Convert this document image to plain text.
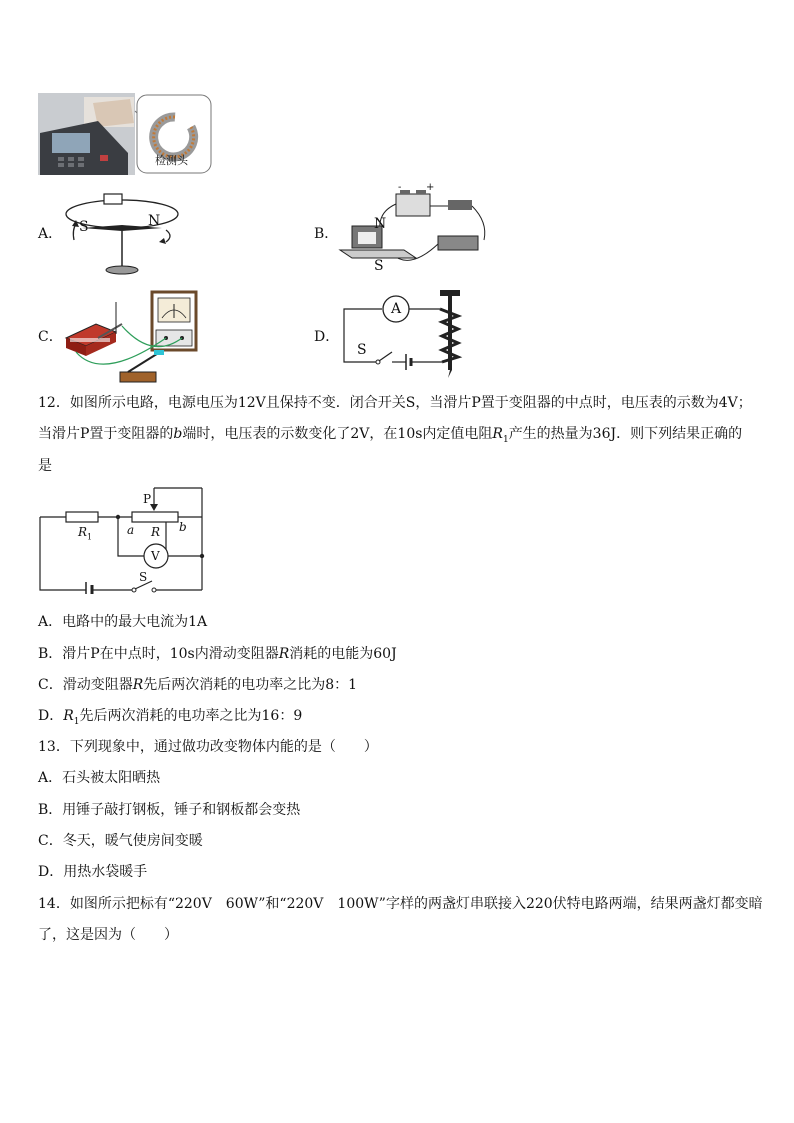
检测头
A． S	N
B．
N
S
- +
C．	D．
A
S
12．如图所示电路，电源电压为12V且保持不变．闭合开关S，当滑片P置于变阻器的中点时，电压表的示数为4V；
当滑片P置于变阻器的b端时，电压表的示数变化了2V，在10s内定值电阻$R_1$产生的热量为36J．则下列结果正确的
是
$R_1$
P
a R b
V
S
A．电路中的最大电流为1A
B．滑片P在中点时，10s内滑动变阻器R消耗的电能为60J
C．滑动变阻器R先后两次消耗的电功率之比为8：1
D．$R_1$先后两次消耗的电功率之比为16：9
13．下列现象中，通过做功改变物体内能的是（　　）
A．石头被太阳晒热
B．用锤子敲打钢板，锤子和钢板都会变热
C．冬天，暖气使房间变暖
D．用热水袋暖手
14．如图所示把标有“220V　60W”和“220V　100W”字样的两盏灯串联接入220伏特电路两端，结果两盏灯都变暗
了，这是因为（　　）
